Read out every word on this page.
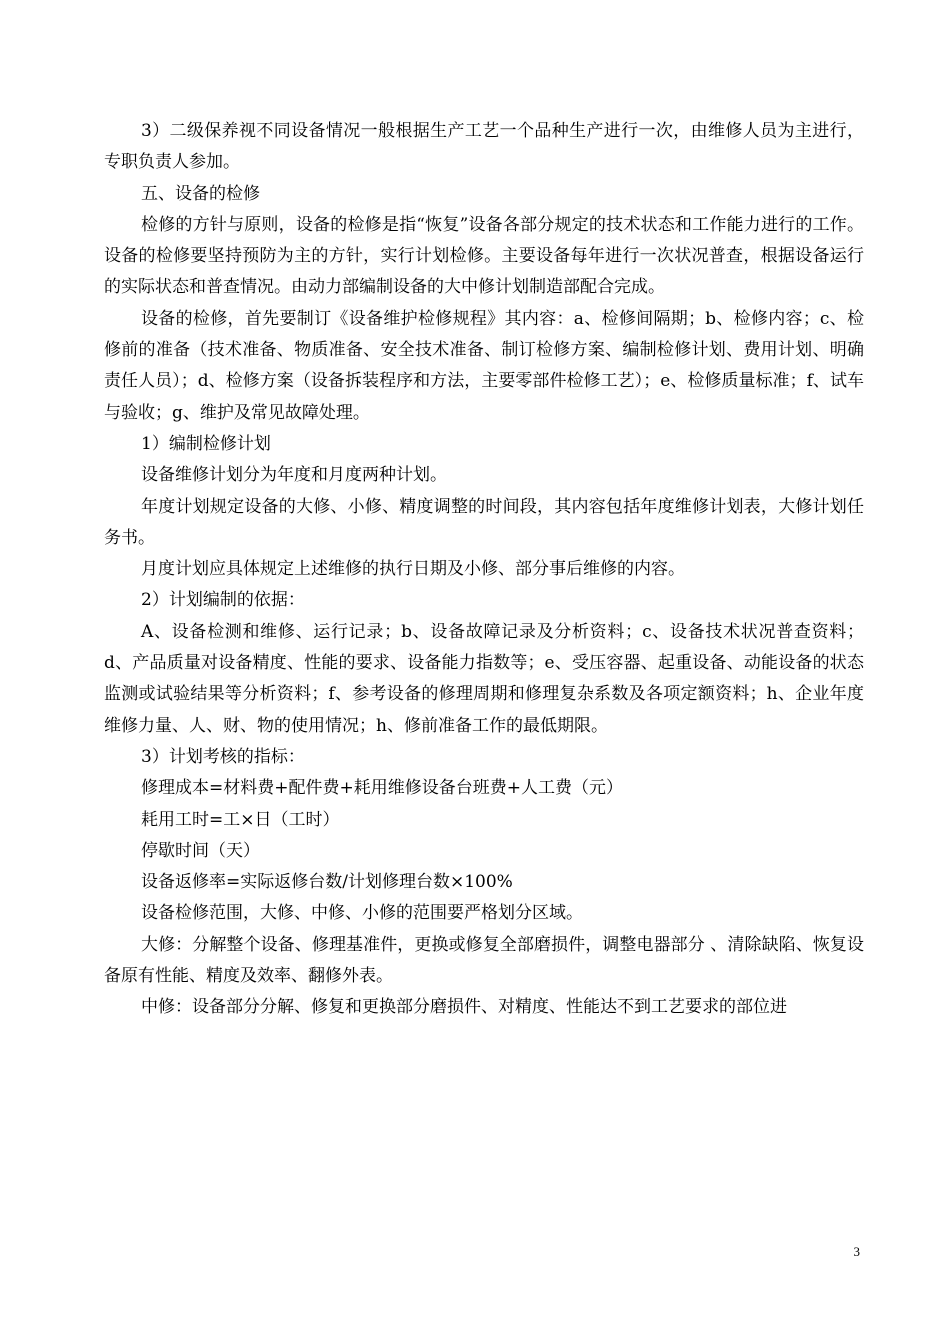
3）二级保养视不同设备情况一般根据生产工艺一个品种生产进行一次，由维修人员为主进行，专职负责人参加。

五、设备的检修

检修的方针与原则，设备的检修是指“恢复”设备各部分规定的技术状态和工作能力进行的工作。设备的检修要坚持预防为主的方针，实行计划检修。主要设备每年进行一次状况普查，根据设备运行的实际状态和普查情况。由动力部编制设备的大中修计划制造部配合完成。

设备的检修，首先要制订《设备维护检修规程》其内容：a、检修间隔期；b、检修内容；c、检修前的准备（技术准备、物质准备、安全技术准备、制订检修方案、编制检修计划、费用计划、明确责任人员）；d、检修方案（设备拆装程序和方法，主要零部件检修工艺）；e、检修质量标准；f、试车与验收；g、维护及常见故障处理。

1）编制检修计划

设备维修计划分为年度和月度两种计划。

年度计划规定设备的大修、小修、精度调整的时间段，其内容包括年度维修计划表，大修计划任务书。

月度计划应具体规定上述维修的执行日期及小修、部分事后维修的内容。

2）计划编制的依据：

A、设备检测和维修、运行记录；b、设备故障记录及分析资料；c、设备技术状况普查资料；d、产品质量对设备精度、性能的要求、设备能力指数等；e、受压容器、起重设备、动能设备的状态监测或试验结果等分析资料；f、参考设备的修理周期和修理复杂系数及各项定额资料；h、企业年度维修力量、人、财、物的使用情况；h、修前准备工作的最低期限。

3）计划考核的指标：

修理成本=材料费+配件费+耗用维修设备台班费+人工费（元）

耗用工时=工×日（工时）

停歇时间（天）

设备返修率=实际返修台数/计划修理台数×100%

设备检修范围，大修、中修、小修的范围要严格划分区域。

大修：分解整个设备、修理基准件，更换或修复全部磨损件，调整电器部分 、清除缺陷、恢复设备原有性能、精度及效率、翻修外表。

中修：设备部分分解、修复和更换部分磨损件、对精度、性能达不到工艺要求的部位进

3
